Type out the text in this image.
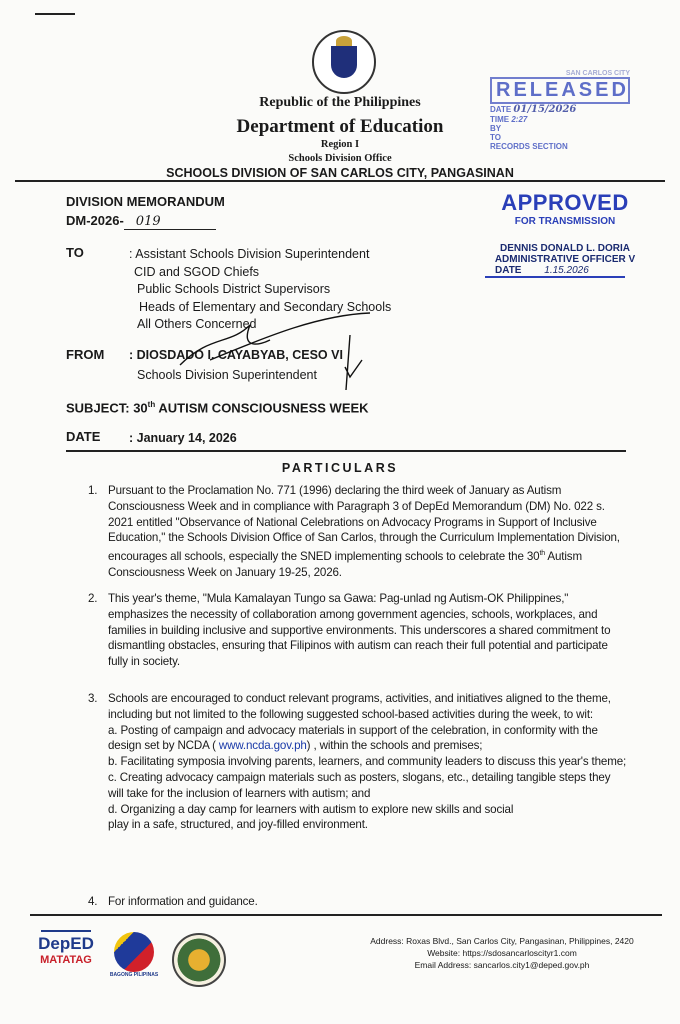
Republic of the Philippines
Department of Education
Region I
Schools Division Office
SCHOOLS DIVISION OF SAN CARLOS CITY, PANGASINAN
SAN CARLOS CITY
RELEASED
DATE 01/15/2026
TIME 2:27
BY
TO
RECORDS SECTION
DIVISION MEMORANDUM
DM-2026- 019
APPROVED
FOR TRANSMISSION
DENNIS DONALD L. DORIA
ADMINISTRATIVE OFFICER V
DATE 1.15.2026
TO	: Assistant Schools Division Superintendent
CID and SGOD Chiefs
Public Schools District Supervisors
Heads of Elementary and Secondary Schools
All Others Concerned
FROM : DIOSDADO I. CAYABYAB, CESO VI
Schools Division Superintendent
SUBJECT: 30th AUTISM CONSCIOUSNESS WEEK
DATE : January 14, 2026
PARTICULARS
1. Pursuant to the Proclamation No. 771 (1996) declaring the third week of January as Autism Consciousness Week and in compliance with Paragraph 3 of DepEd Memorandum (DM) No. 022 s. 2021 entitled "Observance of National Celebrations on Advocacy Programs in Support of Inclusive Education," the Schools Division Office of San Carlos, through the Curriculum Implementation Division, encourages all schools, especially the SNED implementing schools to celebrate the 30th Autism Consciousness Week on January 19-25, 2026.
2. This year's theme, "Mula Kamalayan Tungo sa Gawa: Pag-unlad ng Autism-OK Philippines," emphasizes the necessity of collaboration among government agencies, schools, workplaces, and families in building inclusive and supportive environments. This underscores a shared commitment to dismantling obstacles, ensuring that Filipinos with autism can reach their full potential and participate fully in society.
3. Schools are encouraged to conduct relevant programs, activities, and initiatives aligned to the theme, including but not limited to the following suggested school-based activities during the week, to wit:
a. Posting of campaign and advocacy materials in support of the celebration, in conformity with the design set by NCDA ( www.ncda.gov.ph) , within the schools and premises;
b. Facilitating symposia involving parents, learners, and community leaders to discuss this year's theme;
c. Creating advocacy campaign materials such as posters, slogans, etc., detailing tangible steps they will take for the inclusion of learners with autism; and
d. Organizing a day camp for learners with autism to explore new skills and social play in a safe, structured, and joy-filled environment.
4. For information and guidance.
DepED
MATATAG
BAGONG PILIPINAS
Address: Roxas Blvd., San Carlos City, Pangasinan, Philippines, 2420
Website: https://sdosancarloscityr1.com
Email Address: sancarlos.city1@deped.gov.ph
